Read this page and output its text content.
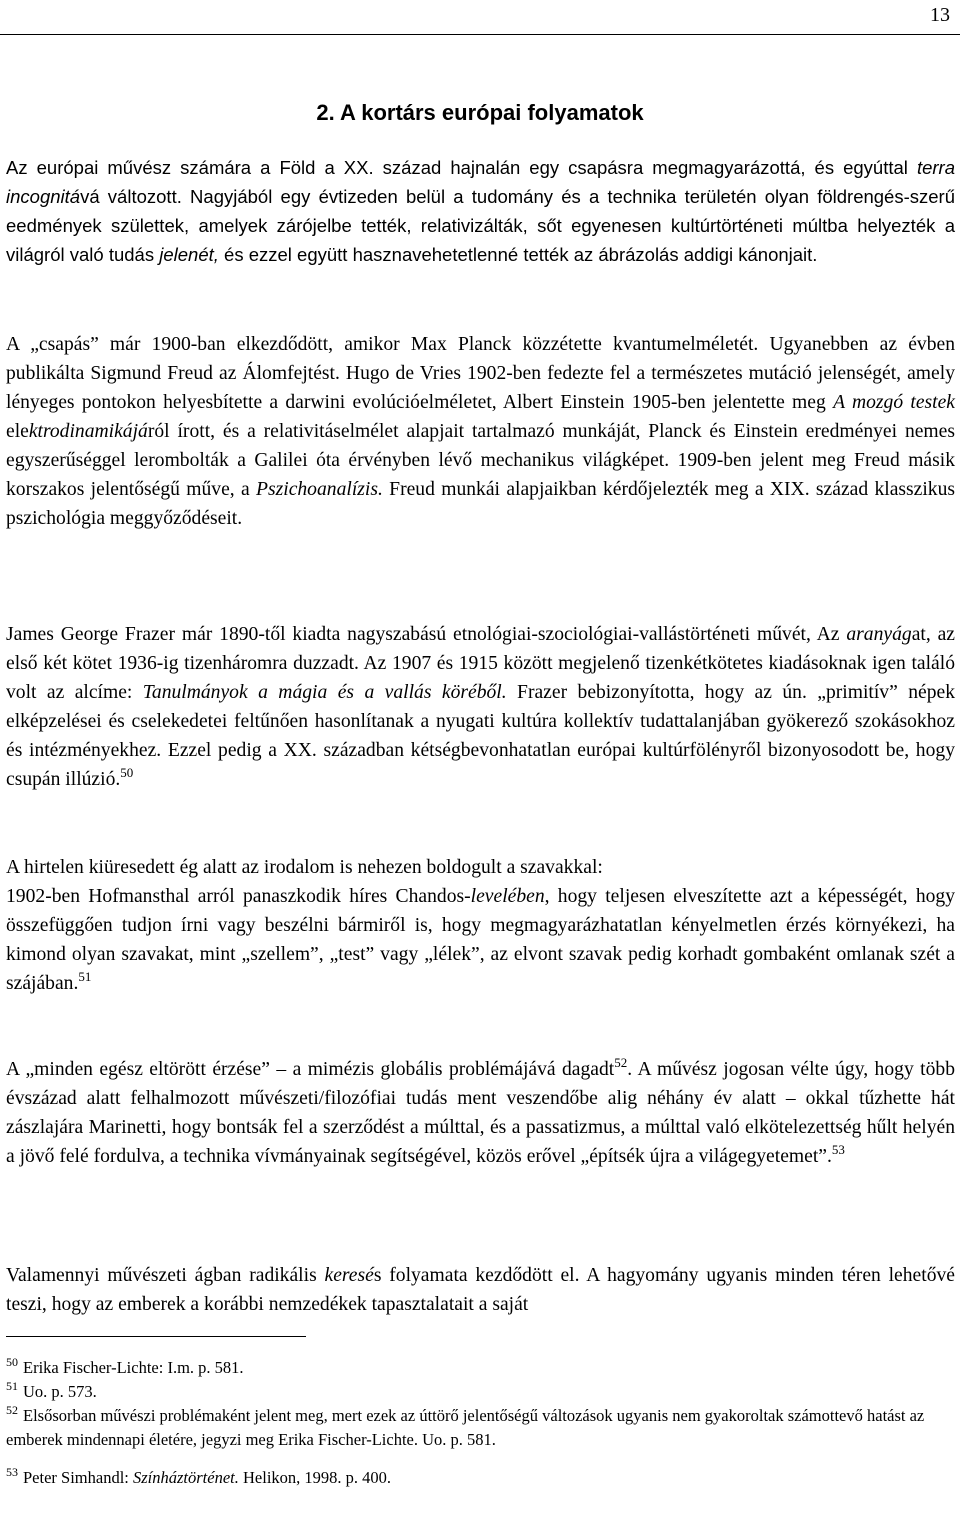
13
2. A kortárs európai folyamatok

Az európai művész számára a Föld a XX. század hajnalán egy csapásra megmagyarázottá, és egyúttal terra incognitává változott. Nagyjából egy évtizeden belül a tudomány és a technika területén olyan földrengés-szerű eedmények születtek, amelyek zárójelbe tették, relativizálták, sőt egyenesen kultúrtörténeti múltba helyezték a világról való tudás jelenét, és ezzel együtt hasznavehetetlenné tették az ábrázolás addigi kánonjait.

A „csapás” már 1900-ban elkezdődött, amikor Max Planck közzétette kvantumelméletét. Ugyanebben az évben publikálta Sigmund Freud az Álomfejtést. Hugo de Vries 1902-ben fedezte fel a természetes mutáció jelenségét, amely lényeges pontokon helyesbítette a darwini evolúcióelméletet, Albert Einstein 1905-ben jelentette meg A mozgó testek elektrodinamikájáról írott, és a relativitáselmélet alapjait tartalmazó munkáját, Planck és Einstein eredményei nemes egyszerűséggel lerombolták a Galilei óta érvényben lévő mechanikus világképet. 1909-ben jelent meg Freud másik korszakos jelentőségű műve, a Pszichoanalízis. Freud munkái alapjaikban kérdőjelezték meg a XIX. század klasszikus pszichológia meggyőződéseit.

James George Frazer már 1890-től kiadta nagyszabású etnológiai-szociológiai-vallástörténeti művét, Az aranyágat, az első két kötet 1936-ig tizenháromra duzzadt. Az 1907 és 1915 között megjelenő tizenkétkötetes kiadásoknak igen találó volt az alcíme: Tanulmányok a mágia és a vallás köréből. Frazer bebizonyította, hogy az ún. „primitív” népek elképzelései és cselekedetei feltűnően hasonlítanak a nyugati kultúra kollektív tudattalanjában gyökerező szokásokhoz és intézményekhez. Ezzel pedig a XX. században kétségbevonhatatlan európai kultúrfölényről bizonyosodott be, hogy csupán illúzió.$^{50}$

A hirtelen kiüresedett ég alatt az irodalom is nehezen boldogult a szavakkal:
1902-ben Hofmansthal arról panaszkodik híres Chandos-levelében, hogy teljesen elveszítette azt a képességét, hogy összefüggően tudjon írni vagy beszélni bármiről is, hogy megmagyarázhatatlan kényelmetlen érzés környékezi, ha kimond olyan szavakat, mint „szellem”, „test” vagy „lélek”, az elvont szavak pedig korhadt gombaként omlanak szét a szájában.$^{51}$

A „minden egész eltörött érzése” – a mimézis globális problémájává dagadt$^{52}$. A művész jogosan vélte úgy, hogy több évszázad alatt felhalmozott művészeti/filozófiai tudás ment veszendőbe alig néhány év alatt – okkal tűzhette hát zászlajára Marinetti, hogy bontsák fel a szerződést a múlttal, és a passatizmus, a múlttal való elkötelezettség hűlt helyén a jövő felé fordulva, a technika vívmányainak segítségével, közös erővel „építsék újra a világegyetemet”.$^{53}$

Valamennyi művészeti ágban radikális keresés folyamata kezdődött el. A hagyomány ugyanis minden téren lehetővé teszi, hogy az emberek a korábbi nemzedékek tapasztalatait a saját

$^{50}$ Erika Fischer-Lichte: I.m. p. 581.

$^{51}$ Uo. p. 573.

$^{52}$ Elsősorban művészi problémaként jelent meg, mert ezek az úttörő jelentőségű változások ugyanis nem gyakoroltak számottevő hatást az emberek mindennapi életére, jegyzi meg Erika Fischer-Lichte. Uo. p. 581.

$^{53}$ Peter Simhandl: Színháztörténet. Helikon, 1998. p. 400.
